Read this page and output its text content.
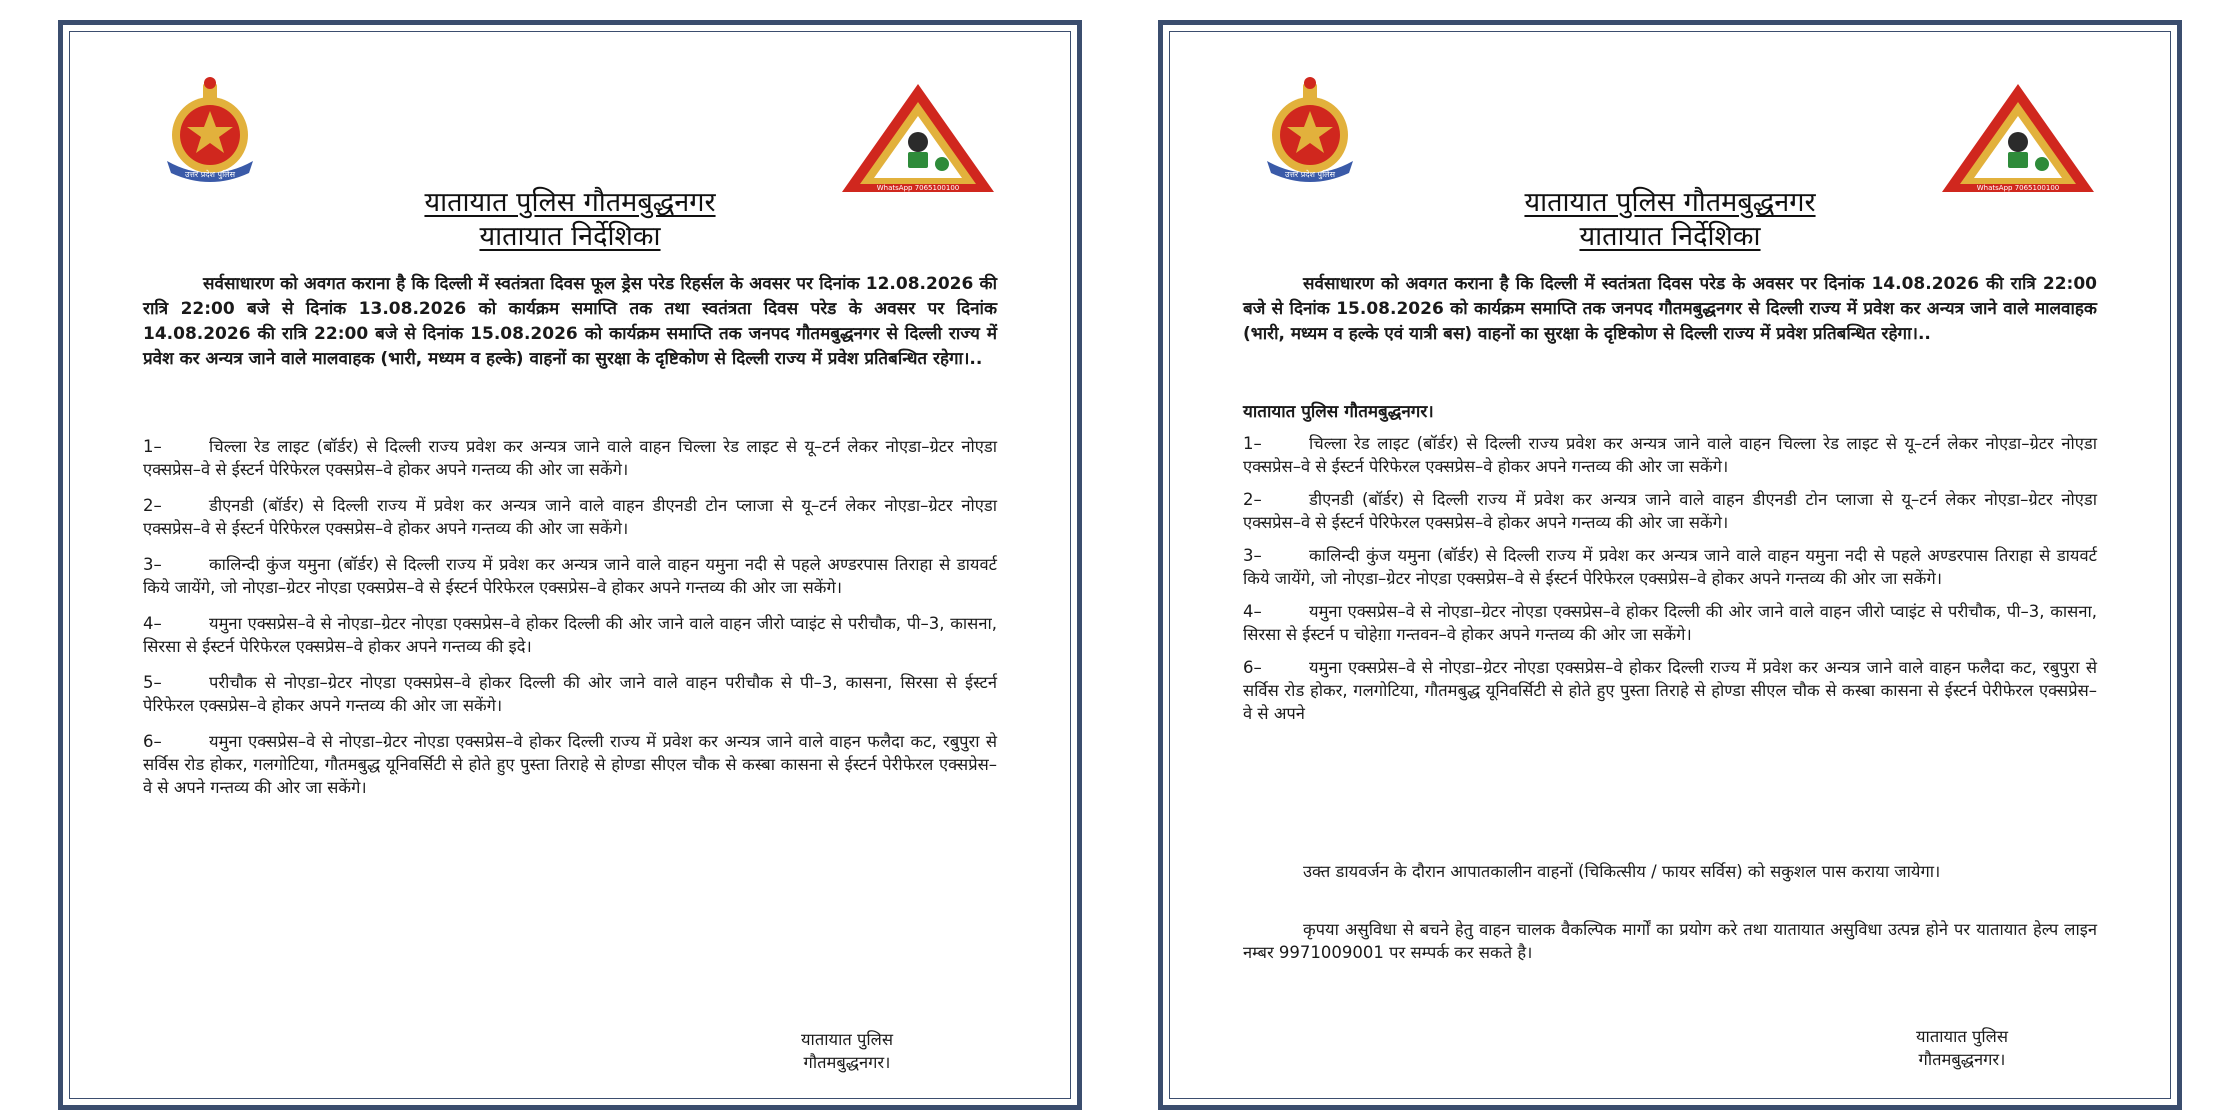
उत्तर प्रदेश पुलिस
WhatsApp 7065100100
यातायात पुलिस गौतमबुद्धनगर
यातायात निर्देशिका

सर्वसाधारण को अवगत कराना है कि दिल्ली में स्वतंत्रता दिवस फूल ड्रेस परेड रिहर्सल के अवसर पर दिनांक 12.08.2026 की रात्रि 22:00 बजे से दिनांक 13.08.2026 को कार्यक्रम समाप्ति तक तथा स्वतंत्रता दिवस परेड के अवसर पर दिनांक 14.08.2026 की रात्रि 22:00 बजे से दिनांक 15.08.2026 को कार्यक्रम समाप्ति तक जनपद गौतमबुद्धनगर से दिल्ली राज्य में प्रवेश कर अन्यत्र जाने वाले मालवाहक (भारी, मध्यम व हल्के) वाहनों का सुरक्षा के दृष्टिकोण से दिल्ली राज्य में प्रवेश प्रतिबन्धित रहेगा।..

1–	चिल्ला रेड लाइट (बॉर्डर) से दिल्ली राज्य प्रवेश कर अन्यत्र जाने वाले वाहन चिल्ला रेड लाइट से यू–टर्न लेकर नोएडा–ग्रेटर नोएडा एक्सप्रेस–वे से ईस्टर्न पेरिफेरल एक्सप्रेस–वे होकर अपने गन्तव्य की ओर जा सकेंगे।
2–	डीएनडी (बॉर्डर) से दिल्ली राज्य में प्रवेश कर अन्यत्र जाने वाले वाहन डीएनडी टोन प्लाजा से यू–टर्न लेकर नोएडा–ग्रेटर नोएडा एक्सप्रेस–वे से ईस्टर्न पेरिफेरल एक्सप्रेस–वे होकर अपने गन्तव्य की ओर जा सकेंगे।
3–	कालिन्दी कुंज यमुना (बॉर्डर) से दिल्ली राज्य में प्रवेश कर अन्यत्र जाने वाले वाहन यमुना नदी से पहले अण्डरपास तिराहा से डायवर्ट किये जायेंगे, जो नोएडा–ग्रेटर नोएडा एक्सप्रेस–वे से ईस्टर्न पेरिफेरल एक्सप्रेस–वे होकर अपने गन्तव्य की ओर जा सकेंगे।
4–	यमुना एक्सप्रेस–वे से नोएडा–ग्रेटर नोएडा एक्सप्रेस–वे होकर दिल्ली की ओर जाने वाले वाहन जीरो प्वाइंट से परीचौक, पी–3, कासना, सिरसा से ईस्टर्न पेरिफेरल एक्सप्रेस–वे होकर अपने गन्तव्य की इदे।
5–	परीचौक से नोएडा–ग्रेटर नोएडा एक्सप्रेस–वे होकर दिल्ली की ओर जाने वाले वाहन परीचौक से पी–3, कासना, सिरसा से ईस्टर्न पेरिफेरल एक्सप्रेस–वे होकर अपने गन्तव्य की ओर जा सकेंगे।
6–	यमुना एक्सप्रेस–वे से नोएडा–ग्रेटर नोएडा एक्सप्रेस–वे होकर दिल्ली राज्य में प्रवेश कर अन्यत्र जाने वाले वाहन फलैदा कट, रबुपुरा से सर्विस रोड होकर, गलगोटिया, गौतमबुद्ध यूनिवर्सिटी से होते हुए पुस्ता तिराहे से होण्डा सीएल चौक से कस्बा कासना से ईस्टर्न पेरीफेरल एक्सप्रेस–वे से अपने गन्तव्य की ओर जा सकेंगे।
यातायात पुलिस
गौतमबुद्धनगर।
उत्तर प्रदेश पुलिस
WhatsApp 7065100100
यातायात पुलिस गौतमबुद्धनगर
यातायात निर्देशिका

सर्वसाधारण को अवगत कराना है कि दिल्ली में स्वतंत्रता दिवस परेड के अवसर पर दिनांक 14.08.2026 की रात्रि 22:00 बजे से दिनांक 15.08.2026 को कार्यक्रम समाप्ति तक जनपद गौतमबुद्धनगर से दिल्ली राज्य में प्रवेश कर अन्यत्र जाने वाले मालवाहक (भारी, मध्यम व हल्के एवं यात्री बस) वाहनों का सुरक्षा के दृष्टिकोण से दिल्ली राज्य में प्रवेश प्रतिबन्धित रहेगा।..

यातायात पुलिस गौतमबुद्धनगर।
1–	चिल्ला रेड लाइट (बॉर्डर) से दिल्ली राज्य प्रवेश कर अन्यत्र जाने वाले वाहन चिल्ला रेड लाइट से यू–टर्न लेकर नोएडा–ग्रेटर नोएडा एक्सप्रेस–वे से ईस्टर्न पेरिफेरल एक्सप्रेस–वे होकर अपने गन्तव्य की ओर जा सकेंगे।
2–	डीएनडी (बॉर्डर) से दिल्ली राज्य में प्रवेश कर अन्यत्र जाने वाले वाहन डीएनडी टोन प्लाजा से यू–टर्न लेकर नोएडा–ग्रेटर नोएडा एक्सप्रेस–वे से ईस्टर्न पेरिफेरल एक्सप्रेस–वे होकर अपने गन्तव्य की ओर जा सकेंगे।
3–	कालिन्दी कुंज यमुना (बॉर्डर) से दिल्ली राज्य में प्रवेश कर अन्यत्र जाने वाले वाहन यमुना नदी से पहले अण्डरपास तिराहा से डायवर्ट किये जायेंगे, जो नोएडा–ग्रेटर नोएडा एक्सप्रेस–वे से ईस्टर्न पेरिफेरल एक्सप्रेस–वे होकर अपने गन्तव्य की ओर जा सकेंगे।
4–	यमुना एक्सप्रेस–वे से नोएडा–ग्रेटर नोएडा एक्सप्रेस–वे होकर दिल्ली की ओर जाने वाले वाहन जीरो प्वाइंट से परीचौक, पी–3, कासना, सिरसा से ईस्टर्न प चोहेग़ा गन्तवन–वे होकर अपने गन्तव्य की ओर जा सकेंगे।
6–	यमुना एक्सप्रेस–वे से नोएडा–ग्रेटर नोएडा एक्सप्रेस–वे होकर दिल्ली राज्य में प्रवेश कर अन्यत्र जाने वाले वाहन फलैदा कट, रबुपुरा से सर्विस रोड होकर, गलगोटिया, गौतमबुद्ध यूनिवर्सिटी से होते हुए पुस्ता तिराहे से होण्डा सीएल चौक से कस्बा कासना से ईस्टर्न पेरीफेरल एक्सप्रेस–वे से अपने

उक्त डायवर्जन के दौरान आपातकालीन वाहनों (चिकित्सीय / फायर सर्विस) को सकुशल पास कराया जायेगा।

कृपया असुविधा से बचने हेतु वाहन चालक वैकल्पिक मार्गों का प्रयोग करे तथा यातायात असुविधा उत्पन्न होने पर यातायात हेल्प लाइन नम्बर 9971009001 पर सम्पर्क कर सकते है।

यातायात पुलिस
गौतमबुद्धनगर।
